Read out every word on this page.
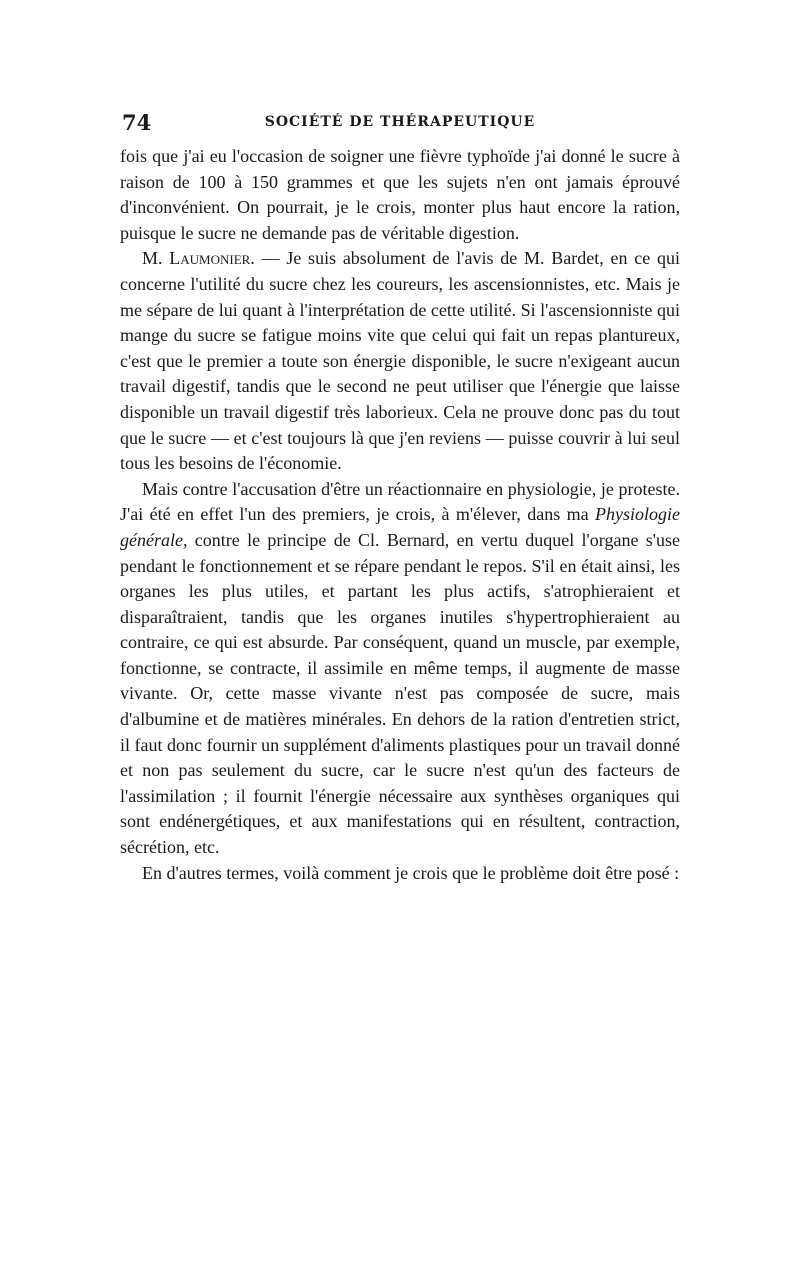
74	SOCIÉTÉ DE THÉRAPEUTIQUE

fois que j'ai eu l'occasion de soigner une fièvre typhoïde j'ai donné le sucre à raison de 100 à 150 grammes et que les sujets n'en ont jamais éprouvé d'inconvénient. On pourrait, je le crois, monter plus haut encore la ration, puisque le sucre ne demande pas de véritable digestion.

M. Laumonier. — Je suis absolument de l'avis de M. Bardet, en ce qui concerne l'utilité du sucre chez les coureurs, les ascensionnistes, etc. Mais je me sépare de lui quant à l'interprétation de cette utilité. Si l'ascensionniste qui mange du sucre se fatigue moins vite que celui qui fait un repas plantureux, c'est que le premier a toute son énergie disponible, le sucre n'exigeant aucun travail digestif, tandis que le second ne peut utiliser que l'énergie que laisse disponible un travail digestif très laborieux. Cela ne prouve donc pas du tout que le sucre — et c'est toujours là que j'en reviens — puisse couvrir à lui seul tous les besoins de l'économie.

Mais contre l'accusation d'être un réactionnaire en physiologie, je proteste. J'ai été en effet l'un des premiers, je crois, à m'élever, dans ma Physiologie générale, contre le principe de Cl. Bernard, en vertu duquel l'organe s'use pendant le fonctionnement et se répare pendant le repos. S'il en était ainsi, les organes les plus utiles, et partant les plus actifs, s'atrophieraient et disparaîtraient, tandis que les organes inutiles s'hypertrophieraient au contraire, ce qui est absurde. Par conséquent, quand un muscle, par exemple, fonctionne, se contracte, il assimile en même temps, il augmente de masse vivante. Or, cette masse vivante n'est pas composée de sucre, mais d'albumine et de matières minérales. En dehors de la ration d'entretien strict, il faut donc fournir un supplément d'aliments plastiques pour un travail donné et non pas seulement du sucre, car le sucre n'est qu'un des facteurs de l'assimilation ; il fournit l'énergie nécessaire aux synthèses organiques qui sont endénergétiques, et aux manifestations qui en résultent, contraction, sécrétion, etc.

En d'autres termes, voilà comment je crois que le problème doit être posé :
